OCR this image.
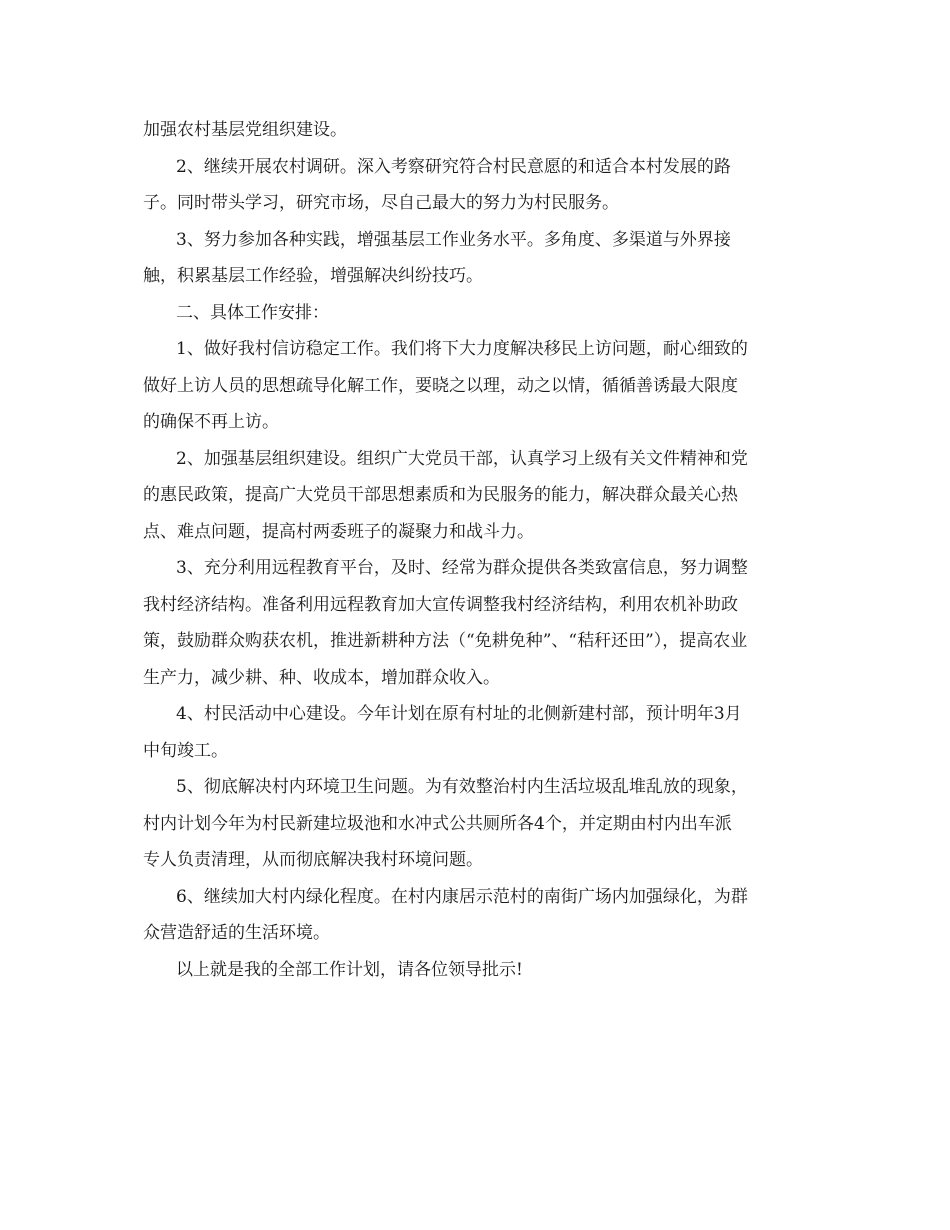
加强农村基层党组织建设。
2、继续开展农村调研。深入考察研究符合村民意愿的和适合本村发展的路
子。同时带头学习，研究市场，尽自己最大的努力为村民服务。
3、努力参加各种实践，增强基层工作业务水平。多角度、多渠道与外界接
触，积累基层工作经验，增强解决纠纷技巧。
二、具体工作安排：
1、做好我村信访稳定工作。我们将下大力度解决移民上访问题，耐心细致的
做好上访人员的思想疏导化解工作，要晓之以理，动之以情，循循善诱最大限度
的确保不再上访。
2、加强基层组织建设。组织广大党员干部，认真学习上级有关文件精神和党
的惠民政策，提高广大党员干部思想素质和为民服务的能力，解决群众最关心热
点、难点问题，提高村两委班子的凝聚力和战斗力。
3、充分利用远程教育平台，及时、经常为群众提供各类致富信息，努力调整
我村经济结构。准备利用远程教育加大宣传调整我村经济结构，利用农机补助政
策，鼓励群众购获农机，推进新耕种方法（“免耕免种”、“秸秆还田”），提高农业
生产力，减少耕、种、收成本，增加群众收入。
4、村民活动中心建设。今年计划在原有村址的北侧新建村部，预计明年3月
中旬竣工。
5、彻底解决村内环境卫生问题。为有效整治村内生活垃圾乱堆乱放的现象，
村内计划今年为村民新建垃圾池和水冲式公共厕所各4个，并定期由村内出车派
专人负责清理，从而彻底解决我村环境问题。
6、继续加大村内绿化程度。在村内康居示范村的南街广场内加强绿化，为群
众营造舒适的生活环境。
以上就是我的全部工作计划，请各位领导批示!
